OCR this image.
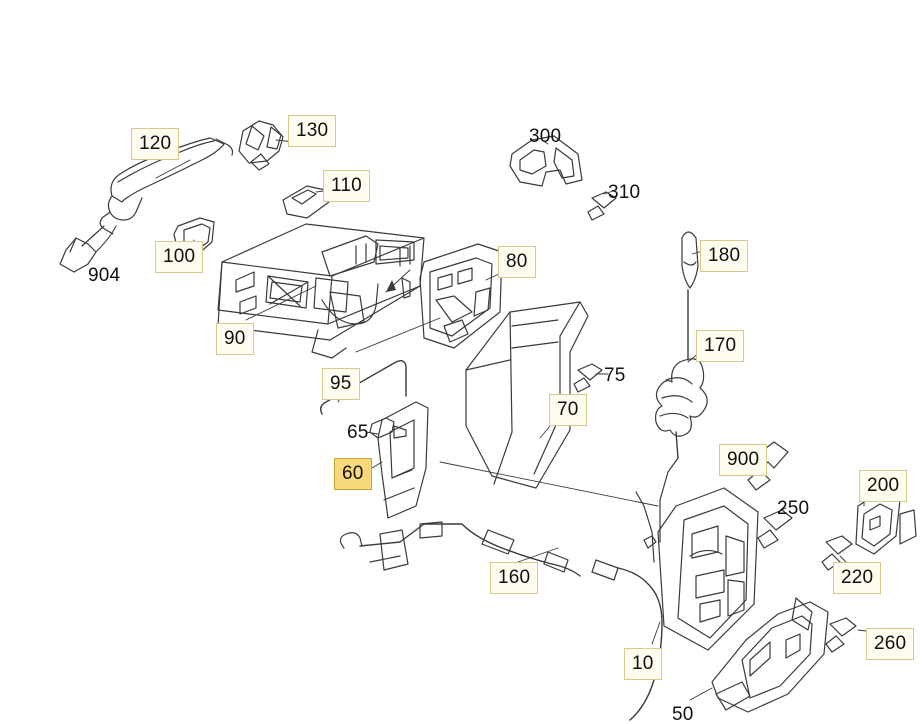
120
130
110
100
904
90
95
65
60
80
300
310
180
170
75
70
900
250
200
220
260
160
10
50
